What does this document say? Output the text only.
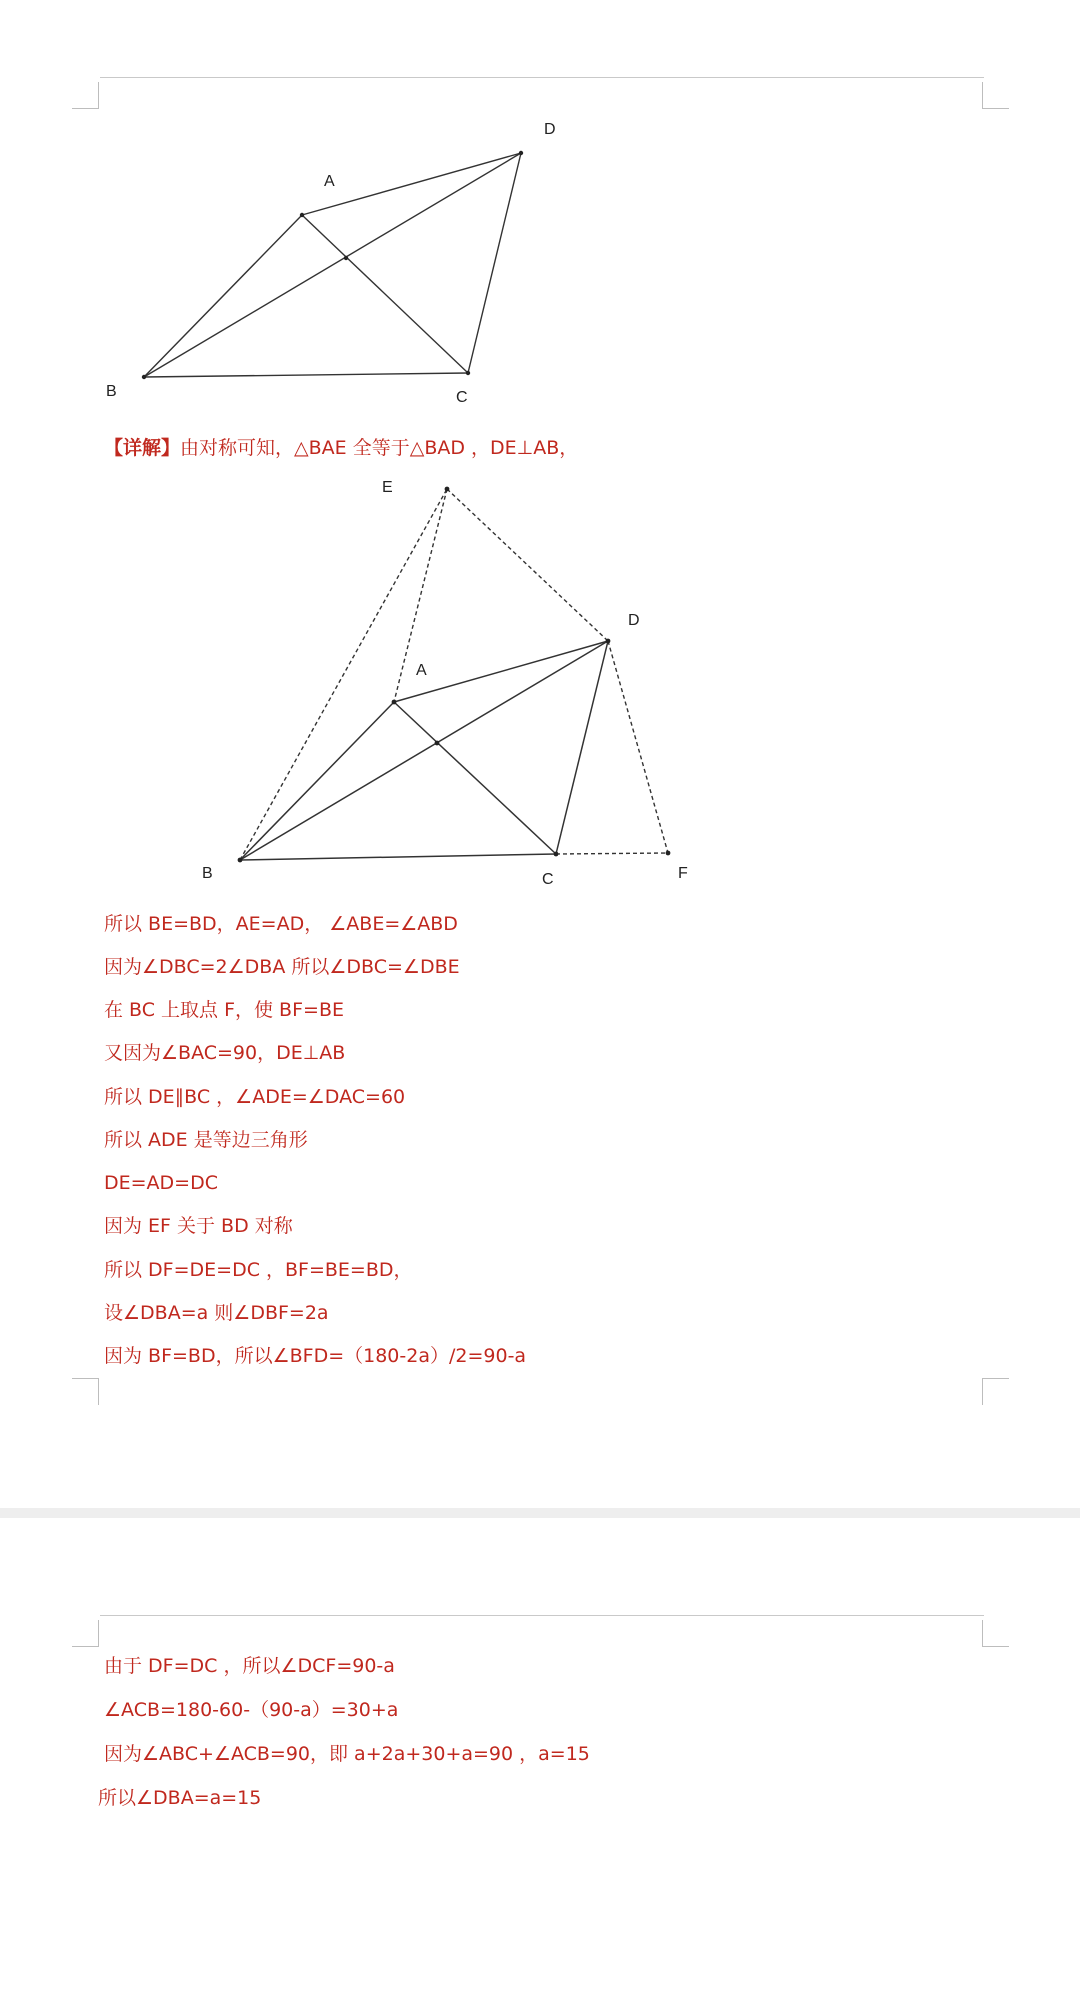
A
B	C
D
【详解】由对称可知，△BAE 全等于△BAD ，DE⊥AB，
E
D
A
B	C	F
所以 BE=BD，AE=AD， ∠ABE=∠ABD
因为∠DBC=2∠DBA 所以∠DBC=∠DBE
在 BC 上取点 F，使 BF=BE
又因为∠BAC=90，DE⊥AB
所以 DE∥BC ，∠ADE=∠DAC=60
所以 ADE 是等边三角形
DE=AD=DC
因为 EF 关于 BD 对称
所以 DF=DE=DC ，BF=BE=BD，
设∠DBA=a 则∠DBF=2a
因为 BF=BD，所以∠BFD=（180-2a）/2=90-a
由于 DF=DC ，所以∠DCF=90-a
∠ACB=180-60-（90-a）=30+a
因为∠ABC+∠ACB=90，即 a+2a+30+a=90 ，a=15
所以∠DBA=a=15
